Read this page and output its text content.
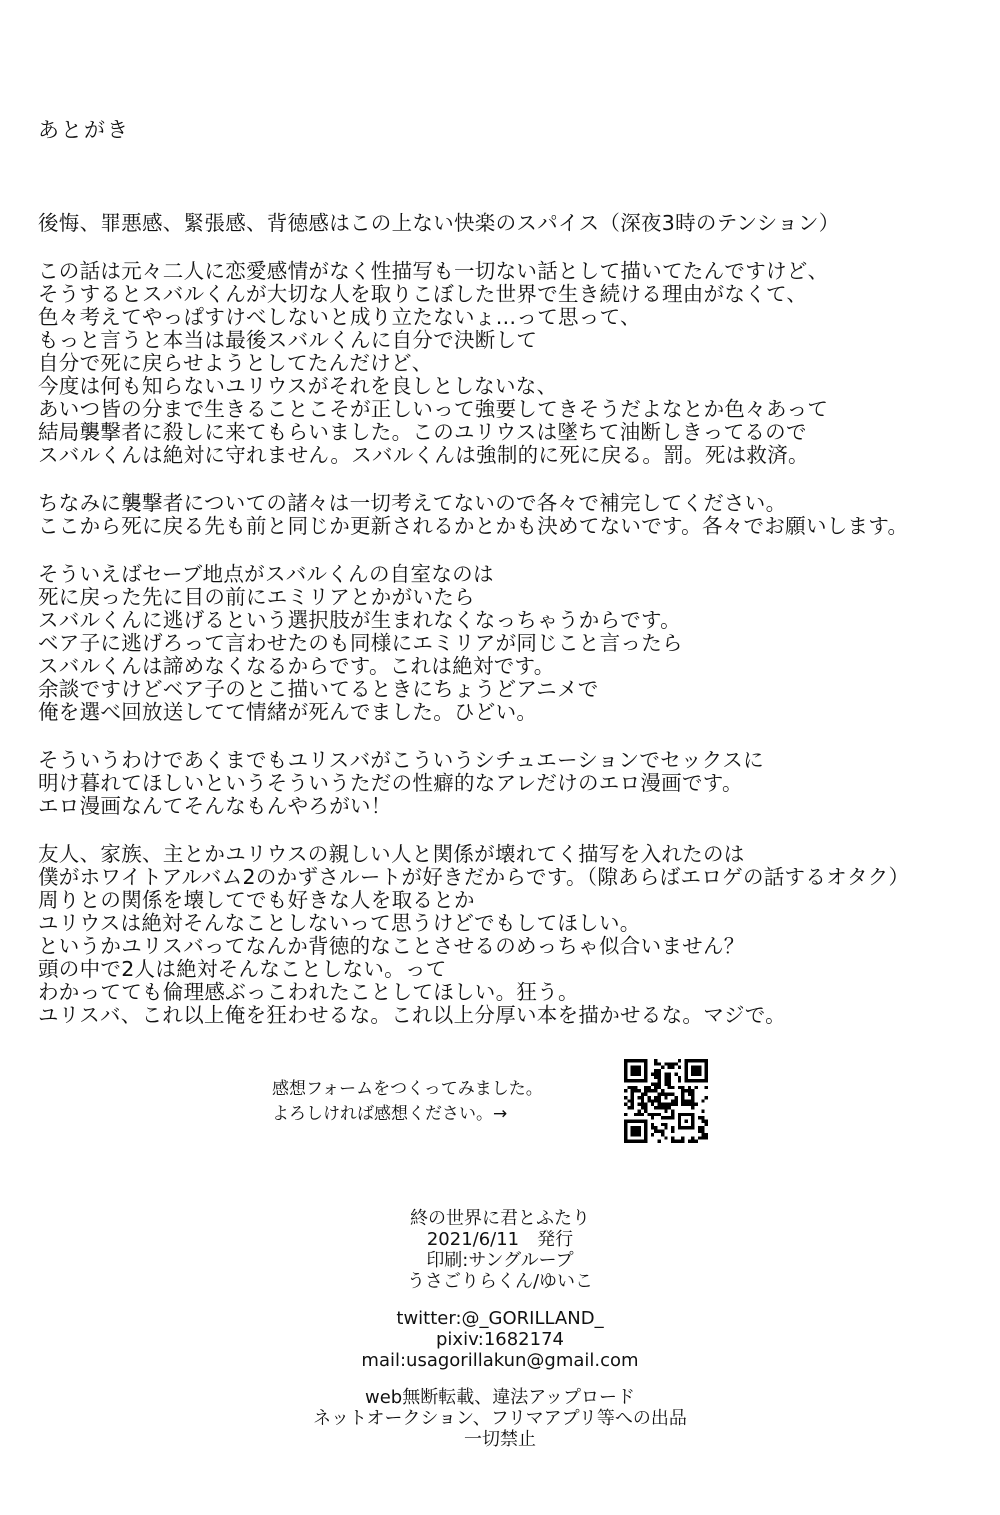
あとがき
後悔、罪悪感、緊張感、背徳感はこの上ない快楽のスパイス（深夜3時のテンション）
この話は元々二人に恋愛感情がなく性描写も一切ない話として描いてたんですけど、
そうするとスバルくんが大切な人を取りこぼした世界で生き続ける理由がなくて、
色々考えてやっぱすけべしないと成り立たないょ…って思って、
もっと言うと本当は最後スバルくんに自分で決断して
自分で死に戻らせようとしてたんだけど、
今度は何も知らないユリウスがそれを良しとしないな、
あいつ皆の分まで生きることこそが正しいって強要してきそうだよなとか色々あって
結局襲撃者に殺しに来てもらいました。このユリウスは墜ちて油断しきってるので
スバルくんは絶対に守れません。スバルくんは強制的に死に戻る。罰。死は救済。
ちなみに襲撃者についての諸々は一切考えてないので各々で補完してください。
ここから死に戻る先も前と同じか更新されるかとかも決めてないです。各々でお願いします。
そういえばセーブ地点がスバルくんの自室なのは
死に戻った先に目の前にエミリアとかがいたら
スバルくんに逃げるという選択肢が生まれなくなっちゃうからです。
ベア子に逃げろって言わせたのも同様にエミリアが同じこと言ったら
スバルくんは諦めなくなるからです。これは絶対です。
余談ですけどベア子のとこ描いてるときにちょうどアニメで
俺を選べ回放送してて情緒が死んでました。ひどい。
そういうわけであくまでもユリスバがこういうシチュエーションでセックスに
明け暮れてほしいというそういうただの性癖的なアレだけのエロ漫画です。
エロ漫画なんてそんなもんやろがい！
友人、家族、主とかユリウスの親しい人と関係が壊れてく描写を入れたのは
僕がホワイトアルバム2のかずさルートが好きだからです。（隙あらばエロゲの話するオタク）
周りとの関係を壊してでも好きな人を取るとか
ユリウスは絶対そんなことしないって思うけどでもしてほしい。
というかユリスバってなんか背徳的なことさせるのめっちゃ似合いません？
頭の中で2人は絶対そんなことしない。って
わかってても倫理感ぶっこわれたことしてほしい。狂う。
ユリスバ、これ以上俺を狂わせるな。これ以上分厚い本を描かせるな。マジで。
感想フォームをつくってみました。
よろしければ感想ください。→
終の世界に君とふたり
2021/6/11　発行
印刷:サングループ
うさごりらくん/ゆいこ
twitter:@_GORILLAND_
pixiv:1682174
mail:usagorillakun@gmail.com
web無断転載、違法アップロード
ネットオークション、フリマアプリ等への出品
一切禁止
